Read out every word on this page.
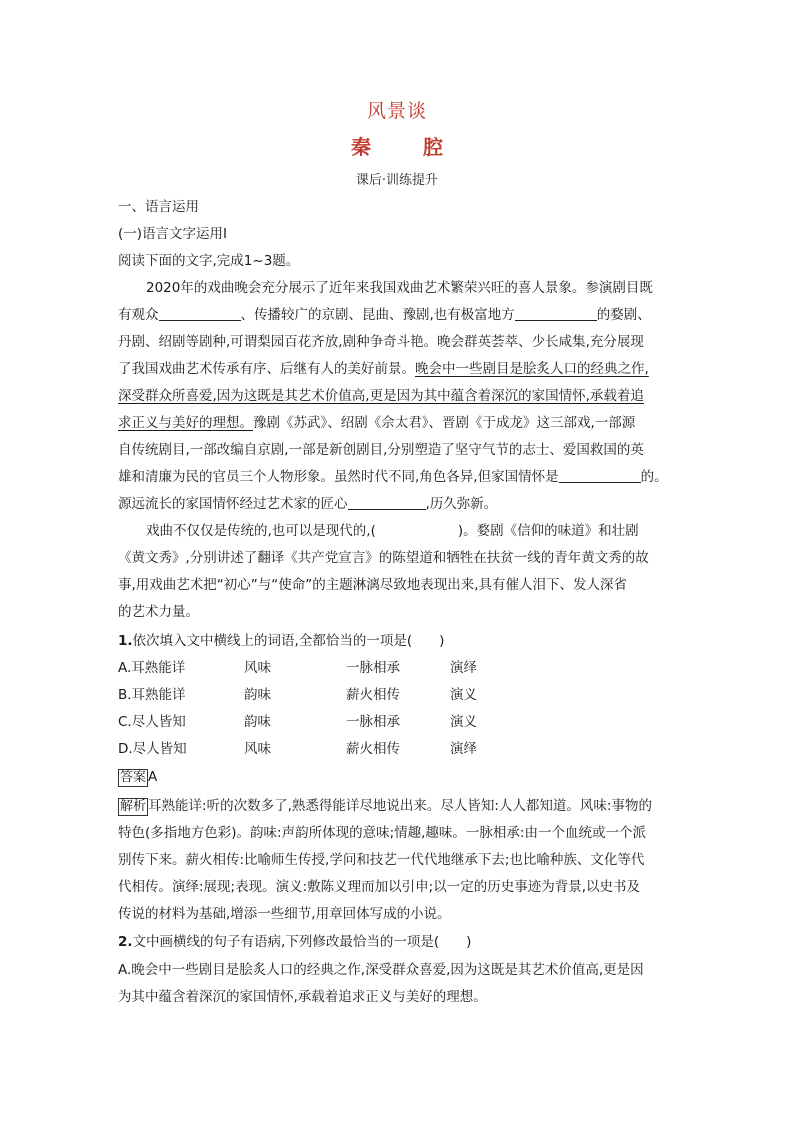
风景谈
秦　腔
课后·训练提升
一、语言运用
(一)语言文字运用Ⅰ
阅读下面的文字,完成1~3题。
2020年的戏曲晚会充分展示了近年来我国戏曲艺术繁荣兴旺的喜人景象。参演剧目既
有观众	、传播较广的京剧、昆曲、豫剧,也有极富地方	的婺剧、
丹剧、绍剧等剧种,可谓梨园百花齐放,剧种争奇斗艳。晚会群英荟萃、少长咸集,充分展现
了我国戏曲艺术传承有序、后继有人的美好前景。晚会中一些剧目是脍炙人口的经典之作,
深受群众所喜爱,因为这既是其艺术价值高,更是因为其中蕴含着深沉的家国情怀,承载着追
求正义与美好的理想。豫剧《苏武》、绍剧《佘太君》、晋剧《于成龙》这三部戏,一部源
自传统剧目,一部改编自京剧,一部是新创剧目,分别塑造了坚守气节的志士、爱国救国的英
雄和清廉为民的官员三个人物形象。虽然时代不同,角色各异,但家国情怀是	的。
源远流长的家国情怀经过艺术家的匠心	,历久弥新。
戏曲不仅仅是传统的,也可以是现代的,(	)。婺剧《信仰的味道》和壮剧
《黄文秀》,分别讲述了翻译《共产党宣言》的陈望道和牺牲在扶贫一线的青年黄文秀的故
事,用戏曲艺术把“初心”与“使命”的主题淋漓尽致地表现出来,具有催人泪下、发人深省
的艺术力量。
1.依次填入文中横线上的词语,全都恰当的一项是(　　)
A.耳熟能详	风味	一脉相承	演绎
B.耳熟能详	韵味	薪火相传	演义
C.尽人皆知	韵味	一脉相承	演义
D.尽人皆知	风味	薪火相传	演绎
答案 A
解析 耳熟能详:听的次数多了,熟悉得能详尽地说出来。尽人皆知:人人都知道。风味:事物的
特色(多指地方色彩)。韵味:声韵所体现的意味;情趣,趣味。一脉相承:由一个血统或一个派
别传下来。薪火相传:比喻师生传授,学问和技艺一代代地继承下去;也比喻种族、文化等代
代相传。演绎:展现;表现。演义:敷陈义理而加以引申;以一定的历史事迹为背景,以史书及
传说的材料为基础,增添一些细节,用章回体写成的小说。
2.文中画横线的句子有语病,下列修改最恰当的一项是(　　)
A.晚会中一些剧目是脍炙人口的经典之作,深受群众喜爱,因为这既是其艺术价值高,更是因
为其中蕴含着深沉的家国情怀,承载着追求正义与美好的理想。
